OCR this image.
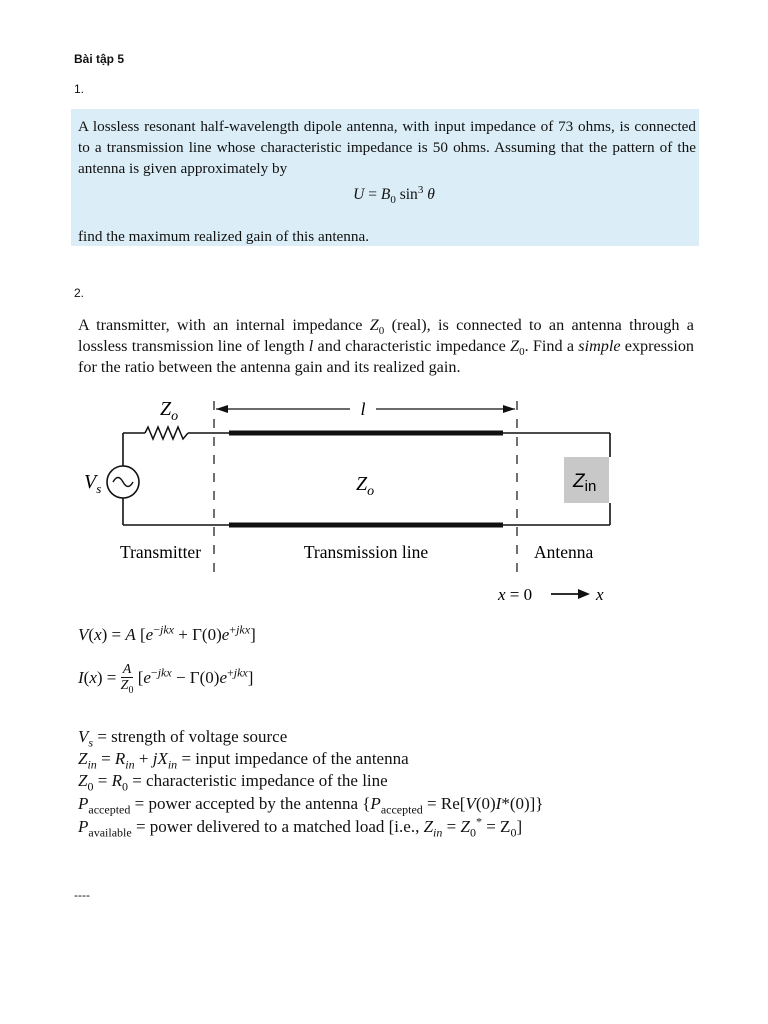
Bài tập 5
1.
A lossless resonant half-wavelength dipole antenna, with input impedance of 73 ohms, is connected to a transmission line whose characteristic impedance is 50 ohms. Assuming that the pattern of the antenna is given approximately by
$U = B_0$ $\sin^3 \theta$
find the maximum realized gain of this antenna.
2.
A transmitter, with an internal impedance $Z_0$ (real), is connected to an antenna through a lossless transmission line of length l and characteristic impedance $Z_0$. Find a simple expression for the ratio between the antenna gain and its realized gain.
$Z_o$	l
$V_s$	$Z_o$	$Z_{in}$
Transmitter	Transmission line	Antenna
x = 0	x
V(x) = A $[e^{-jkx} + \Gamma(0)e^{+jkx}]$
$I(x) = \frac{A}{Z_0} [e^{-jkx} - \Gamma(0)e^{+jkx}]$
$V_s$ = strength of voltage source
$Z_{in} = R_{in} + jX_{in}$ = input impedance of the antenna
$Z_0 = R_0$ = characteristic impedance of the line
$P_{accepted}$ = power accepted by the antenna $\{P_{accepted} = Re[V(0)I*(0)]\}$
$P_{available}$ = power delivered to a matched load [i.e., $Z_{in} = Z_0^* = Z_0$]
----
